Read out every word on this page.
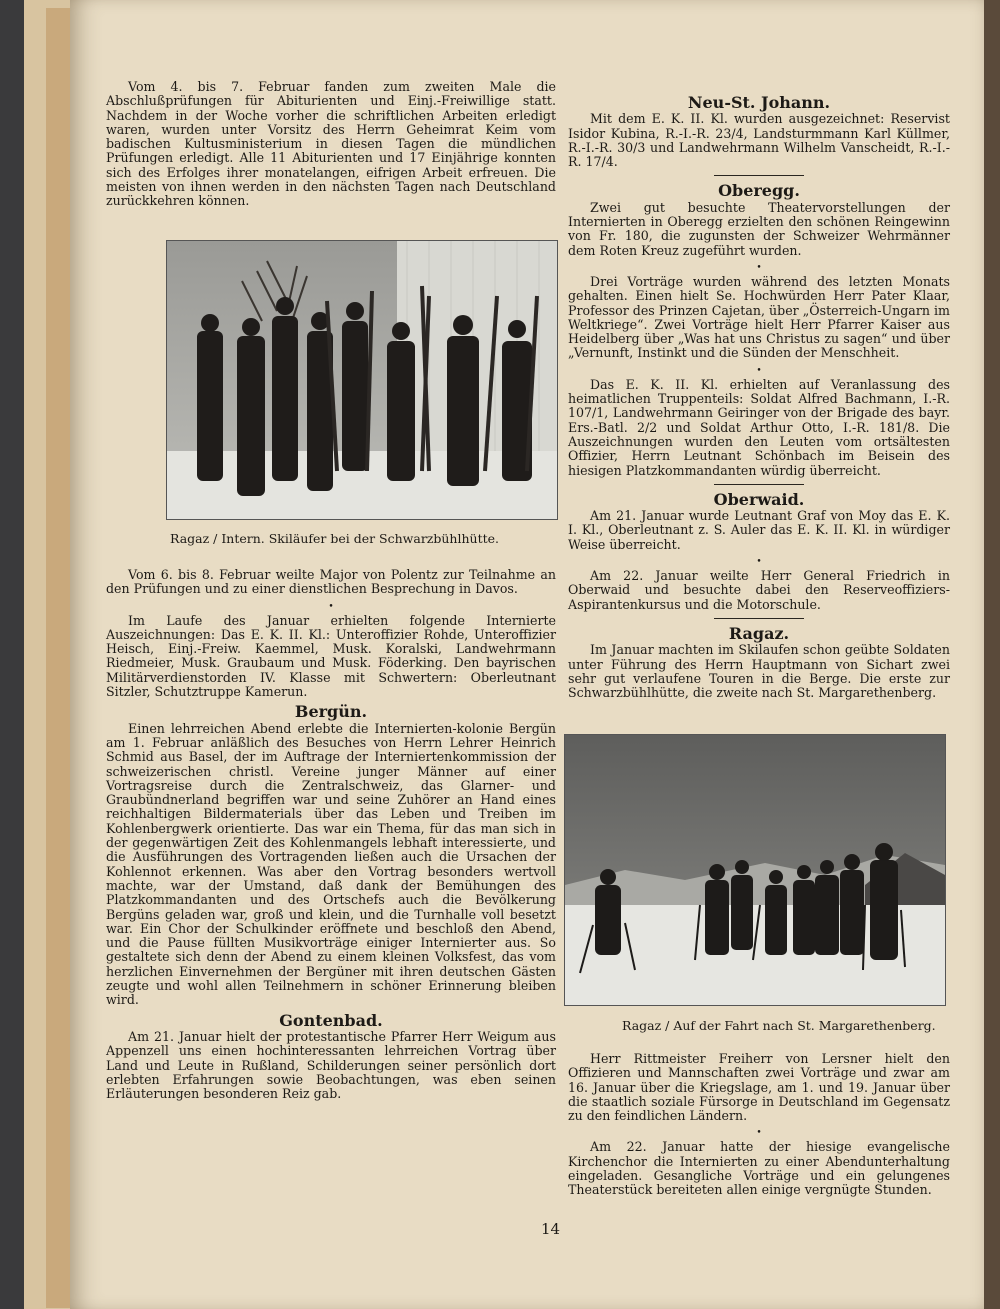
Vom 4. bis 7. Februar fanden zum zweiten Male die Abschlußprüfungen für Abiturienten und Einj.-Freiwillige statt. Nachdem in der Woche vorher die schriftlichen Arbeiten erledigt waren, wurden unter Vorsitz des Herrn Geheimrat Keim vom badischen Kultusministerium in diesen Tagen die mündlichen Prüfungen erledigt. Alle 11 Abiturienten und 17 Einjährige konnten sich des Erfolges ihrer monatelangen, eifrigen Arbeit erfreuen. Die meisten von ihnen werden in den nächsten Tagen nach Deutschland zurückkehren können.

Ragaz / Intern. Skiläufer bei der Schwarzbühlhütte.

Vom 6. bis 8. Februar weilte Major von Polentz zur Teilnahme an den Prüfungen und zu einer dienstlichen Besprechung in Davos.

•

Im Laufe des Januar erhielten folgende Internierte Auszeichnungen: Das E. K. II. Kl.: Unteroffizier Rohde, Unteroffizier Heisch, Einj.-Freiw. Kaemmel, Musk. Koralski, Landwehrmann Riedmeier, Musk. Graubaum und Musk. Föderking. Den bayrischen Militärverdienstorden IV. Klasse mit Schwertern: Oberleutnant Sitzler, Schutztruppe Kamerun.

Bergün.

Einen lehrreichen Abend erlebte die Internierten-kolonie Bergün am 1. Februar anläßlich des Besuches von Herrn Lehrer Heinrich Schmid aus Basel, der im Auftrage der Interniertenkommission der schweizerischen christl. Vereine junger Männer auf einer Vortragsreise durch die Zentralschweiz, das Glarner- und Graubündnerland begriffen war und seine Zuhörer an Hand eines reichhaltigen Bildermaterials über das Leben und Treiben im Kohlenbergwerk orientierte. Das war ein Thema, für das man sich in der gegenwärtigen Zeit des Kohlenmangels lebhaft interessierte, und die Ausführungen des Vortragenden ließen auch die Ursachen der Kohlennot erkennen. Was aber den Vortrag besonders wertvoll machte, war der Umstand, daß dank der Bemühungen des Platzkommandanten und des Ortschefs auch die Bevölkerung Bergüns geladen war, groß und klein, und die Turnhalle voll besetzt war. Ein Chor der Schulkinder eröffnete und beschloß den Abend, und die Pause füllten Musikvorträge einiger Internierter aus. So gestaltete sich denn der Abend zu einem kleinen Volksfest, das vom herzlichen Einvernehmen der Bergüner mit ihren deutschen Gästen zeugte und wohl allen Teilnehmern in schöner Erinnerung bleiben wird.

Gontenbad.

Am 21. Januar hielt der protestantische Pfarrer Herr Weigum aus Appenzell uns einen hochinteressanten lehrreichen Vortrag über Land und Leute in Rußland, Schilderungen seiner persönlich dort erlebten Erfahrungen sowie Beobachtungen, was eben seinen Erläuterungen besonderen Reiz gab.

Neu-St. Johann.

Mit dem E. K. II. Kl. wurden ausgezeichnet: Reservist Isidor Kubina, R.-I.-R. 23/4, Landsturmmann Karl Küllmer, R.-I.-R. 30/3 und Landwehrmann Wilhelm Vanscheidt, R.-I.-R. 17/4.

Oberegg.

Zwei gut besuchte Theatervorstellungen der Internierten in Oberegg erzielten den schönen Reingewinn von Fr. 180, die zugunsten der Schweizer Wehrmänner dem Roten Kreuz zugeführt wurden.

•

Drei Vorträge wurden während des letzten Monats gehalten. Einen hielt Se. Hochwürden Herr Pater Klaar, Professor des Prinzen Cajetan, über „Österreich-Ungarn im Weltkriege“. Zwei Vorträge hielt Herr Pfarrer Kaiser aus Heidelberg über „Was hat uns Christus zu sagen“ und über „Vernunft, Instinkt und die Sünden der Menschheit.

•

Das E. K. II. Kl. erhielten auf Veranlassung des heimatlichen Truppenteils: Soldat Alfred Bachmann, I.-R. 107/1, Landwehrmann Geiringer von der Brigade des bayr. Ers.-Batl. 2/2 und Soldat Arthur Otto, I.-R. 181/8. Die Auszeichnungen wurden den Leuten vom ortsältesten Offizier, Herrn Leutnant Schönbach im Beisein des hiesigen Platzkommandanten würdig überreicht.

Oberwaid.

Am 21. Januar wurde Leutnant Graf von Moy das E. K. I. Kl., Oberleutnant z. S. Auler das E. K. II. Kl. in würdiger Weise überreicht.

•

Am 22. Januar weilte Herr General Friedrich in Oberwaid und besuchte dabei den Reserveoffiziers-Aspirantenkursus und die Motorschule.

Ragaz.

Im Januar machten im Skilaufen schon geübte Soldaten unter Führung des Herrn Hauptmann von Sichart zwei sehr gut verlaufene Touren in die Berge. Die erste zur Schwarzbühlhütte, die zweite nach St. Margarethenberg.

Ragaz / Auf der Fahrt nach St. Margarethenberg.

Herr Rittmeister Freiherr von Lersner hielt den Offizieren und Mannschaften zwei Vorträge und zwar am 16. Januar über die Kriegslage, am 1. und 19. Januar über die staatlich soziale Fürsorge in Deutschland im Gegensatz zu den feindlichen Ländern.

•

Am 22. Januar hatte der hiesige evangelische Kirchenchor die Internierten zu einer Abendunterhaltung eingeladen. Gesangliche Vorträge und ein gelungenes Theaterstück bereiteten allen einige vergnügte Stunden.

14
